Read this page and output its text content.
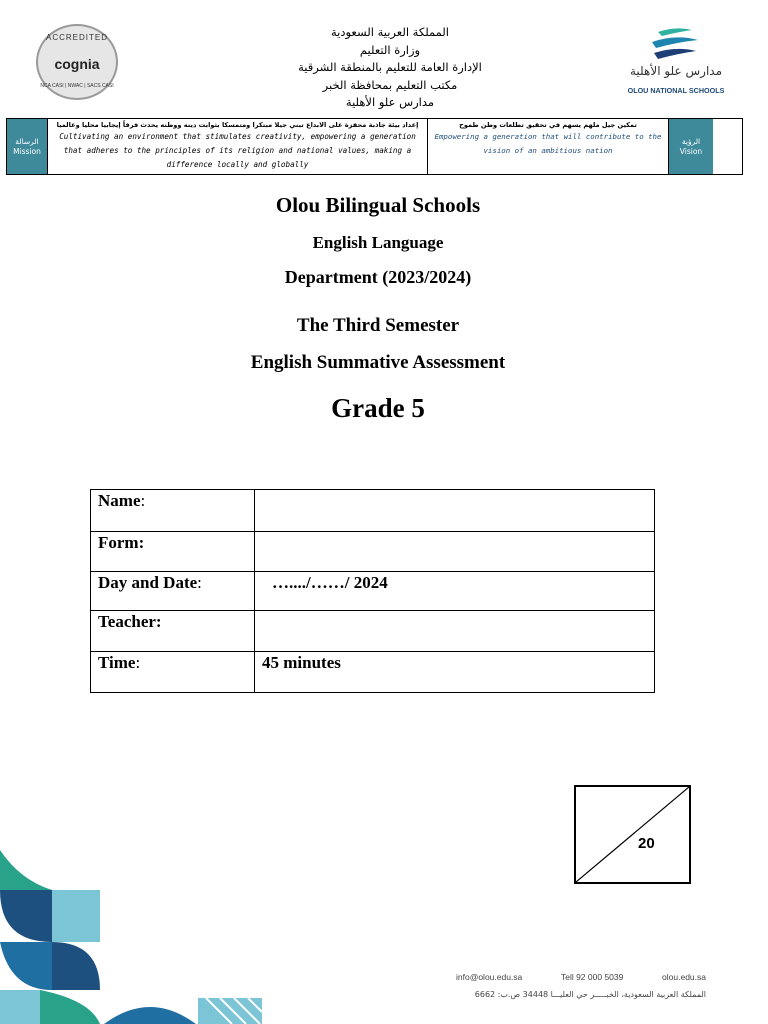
ACCREDITED
cognia
NCA CASI | NWAC | SACS CASI
المملكة العربية السعودية
وزارة التعليم
الإدارة العامة للتعليم بالمنطقة الشرقية
مكتب التعليم بمحافظة الخبر
مدارس علو الأهلية
مدارس علو الأهلية
OLOU NATIONAL SCHOOLS
الرسالة
Mission
إعداد بيئة جاذبة محفزة على الابداع تبني جيلا مبتكرا ومتمسكا بثوابت دينه ووطنه يحدث فرقاً إيجابيا محليا وعالميا
Cultivating an environment that stimulates creativity, empowering a generation that adheres to the principles of its religion and national values, making a difference locally and globally
تمكين جيل ملهم يسهم في تحقيق تطلعات وطن طموح
Empowering a generation that will contribute to the vision of an ambitious nation
الرؤية
Vision
Olou Bilingual Schools
English Language
Department (2023/2024)
The Third Semester
English Summative Assessment
Grade 5
Name:	
Form:	
Day and Date:	…..../……/ 2024
Teacher:	
Time:	45 minutes
20
info@olou.edu.sa	Tell 92 000 5039	olou.edu.sa
المملكة العربية السعودية، الخبـــــر حي العليـــا 34448 ص.ب: 6662
